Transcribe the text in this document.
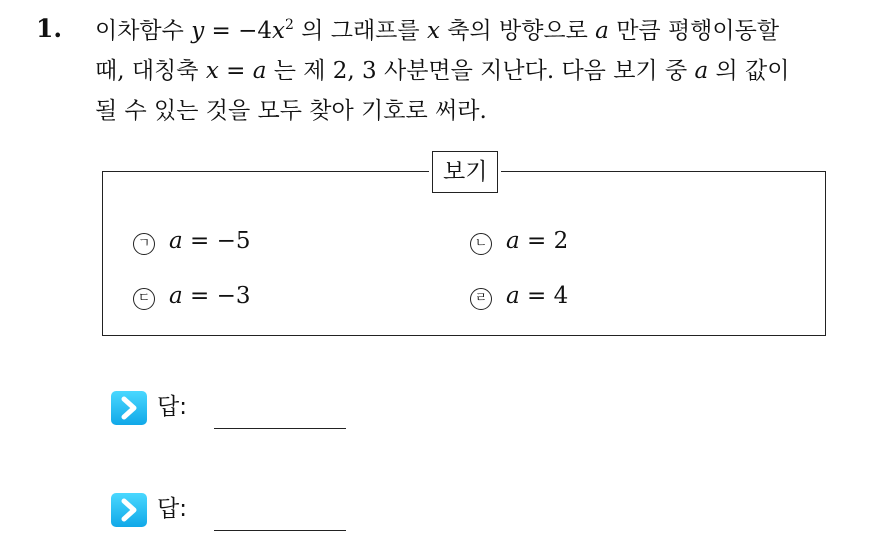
1. 이차함수 $y = -4x^2$ 의 그래프를 x 축의 방향으로 a 만큼 평행이동할
때, 대칭축 x = a 는 제 2, 3 사분면을 지난다. 다음 보기 중 a 의 값이
될 수 있는 것을 모두 찾아 기호로 써라.
보기
ㄱ a = −5	ㄴ a = 2
ㄷ a = −3	ㄹ a = 4
답:
답:
